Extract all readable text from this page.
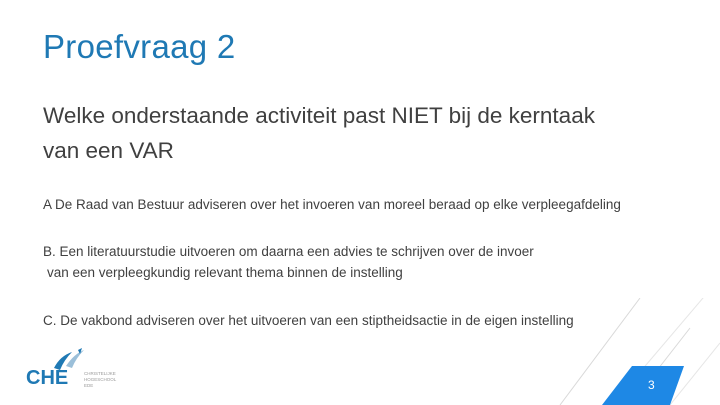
Proefvraag 2
Welke onderstaande activiteit past NIET bij de kerntaak
van een VAR
A De Raad van Bestuur adviseren over het invoeren van moreel beraad op elke verpleegafdeling
B. Een literatuurstudie uitvoeren om daarna een advies te schrijven over de invoer
van een verpleegkundig relevant thema binnen de instelling
C. De vakbond adviseren over het uitvoeren van een stiptheidsactie in de eigen instelling
CHE	CHRISTELIJKE
HOGESCHOOL
EDE	3
